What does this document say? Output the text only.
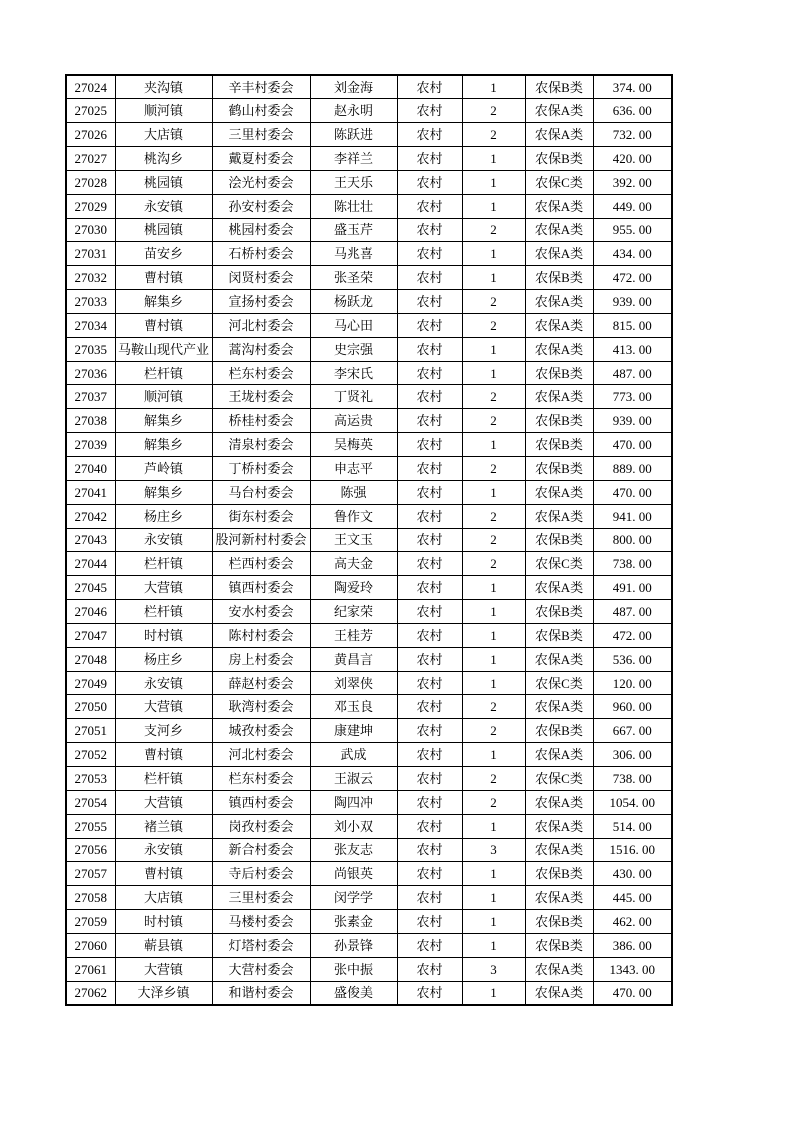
27024	夹沟镇	辛丰村委会	刘金海	农村	1	农保B类	374. 00
27025	顺河镇	鹤山村委会	赵永明	农村	2	农保A类	636. 00
27026	大店镇	三里村委会	陈跃进	农村	2	农保A类	732. 00
27027	桃沟乡	戴夏村委会	李祥兰	农村	1	农保B类	420. 00
27028	桃园镇	浍光村委会	王天乐	农村	1	农保C类	392. 00
27029	永安镇	孙安村委会	陈壮壮	农村	1	农保A类	449. 00
27030	桃园镇	桃园村委会	盛玉芹	农村	2	农保A类	955. 00
27031	苗安乡	石桥村委会	马兆喜	农村	1	农保A类	434. 00
27032	曹村镇	闵贤村委会	张圣荣	农村	1	农保B类	472. 00
27033	解集乡	宣扬村委会	杨跃龙	农村	2	农保A类	939. 00
27034	曹村镇	河北村委会	马心田	农村	2	农保A类	815. 00
27035	马鞍山现代产业	蒿沟村委会	史宗强	农村	1	农保A类	413. 00
27036	栏杆镇	栏东村委会	李宋氏	农村	1	农保B类	487. 00
27037	顺河镇	王垅村委会	丁贤礼	农村	2	农保A类	773. 00
27038	解集乡	桥桂村委会	高运贵	农村	2	农保B类	939. 00
27039	解集乡	清泉村委会	吴梅英	农村	1	农保B类	470. 00
27040	芦岭镇	丁桥村委会	申志平	农村	2	农保B类	889. 00
27041	解集乡	马台村委会	陈强	农村	1	农保A类	470. 00
27042	杨庄乡	街东村委会	鲁作文	农村	2	农保A类	941. 00
27043	永安镇	股河新村村委会	王文玉	农村	2	农保B类	800. 00
27044	栏杆镇	栏西村委会	高夫金	农村	2	农保C类	738. 00
27045	大营镇	镇西村委会	陶爱玲	农村	1	农保A类	491. 00
27046	栏杆镇	安水村委会	纪家荣	农村	1	农保B类	487. 00
27047	时村镇	陈村村委会	王桂芳	农村	1	农保B类	472. 00
27048	杨庄乡	房上村委会	黄昌言	农村	1	农保A类	536. 00
27049	永安镇	薛赵村委会	刘翠侠	农村	1	农保C类	120. 00
27050	大营镇	耿湾村委会	邓玉良	农村	2	农保A类	960. 00
27051	支河乡	城孜村委会	康建坤	农村	2	农保B类	667. 00
27052	曹村镇	河北村委会	武成	农村	1	农保A类	306. 00
27053	栏杆镇	栏东村委会	王淑云	农村	2	农保C类	738. 00
27054	大营镇	镇西村委会	陶四冲	农村	2	农保A类	1054. 00
27055	褚兰镇	岗孜村委会	刘小双	农村	1	农保A类	514. 00
27056	永安镇	新合村委会	张友志	农村	3	农保A类	1516. 00
27057	曹村镇	寺后村委会	尚银英	农村	1	农保B类	430. 00
27058	大店镇	三里村委会	闵学学	农村	1	农保A类	445. 00
27059	时村镇	马楼村委会	张素金	农村	1	农保B类	462. 00
27060	蕲县镇	灯塔村委会	孙景锋	农村	1	农保B类	386. 00
27061	大营镇	大营村委会	张中振	农村	3	农保A类	1343. 00
27062	大泽乡镇	和谐村委会	盛俊美	农村	1	农保A类	470. 00
